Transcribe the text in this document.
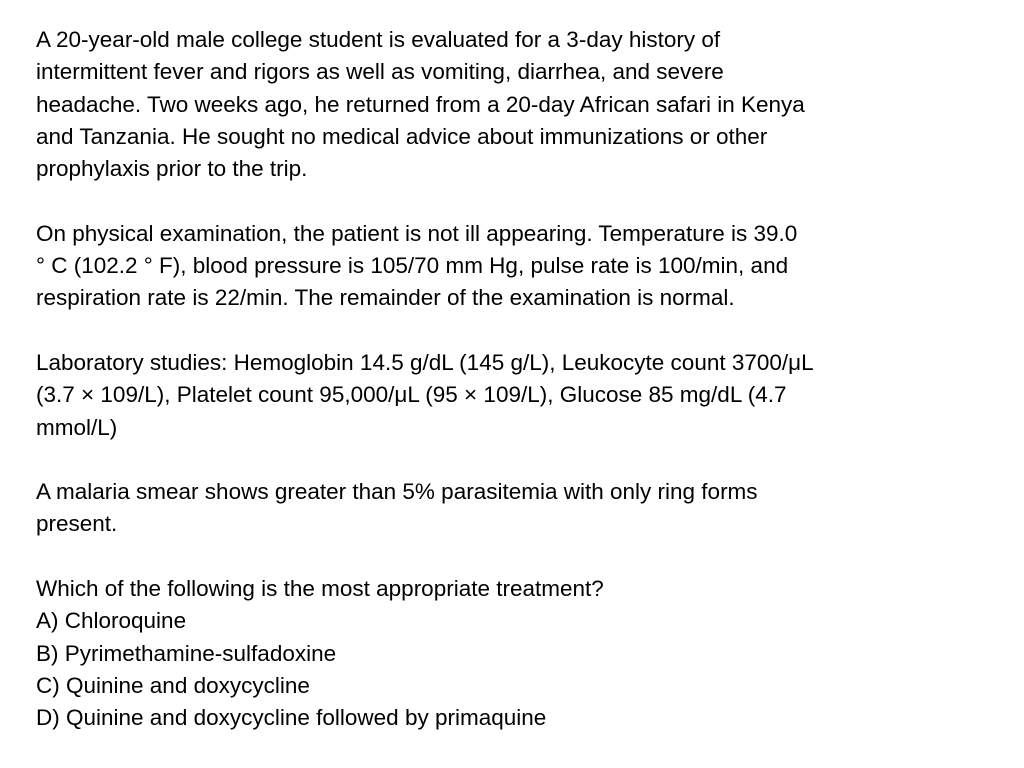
A 20-year-old male college student is evaluated for a 3-day history of
intermittent fever and rigors as well as vomiting, diarrhea, and severe
headache. Two weeks ago, he returned from a 20-day African safari in Kenya
and Tanzania. He sought no medical advice about immunizations or other
prophylaxis prior to the trip.

On physical examination, the patient is not ill appearing. Temperature is 39.0
° C (102.2 ° F), blood pressure is 105/70 mm Hg, pulse rate is 100/min, and
respiration rate is 22/min. The remainder of the examination is normal.

Laboratory studies: Hemoglobin 14.5 g/dL (145 g/L), Leukocyte count 3700/μL
(3.7 × 109/L), Platelet count 95,000/μL (95 × 109/L), Glucose 85 mg/dL (4.7
mmol/L)

A malaria smear shows greater than 5% parasitemia with only ring forms
present.

Which of the following is the most appropriate treatment?
A) Chloroquine
B) Pyrimethamine-sulfadoxine
C) Quinine and doxycycline
D) Quinine and doxycycline followed by primaquine
